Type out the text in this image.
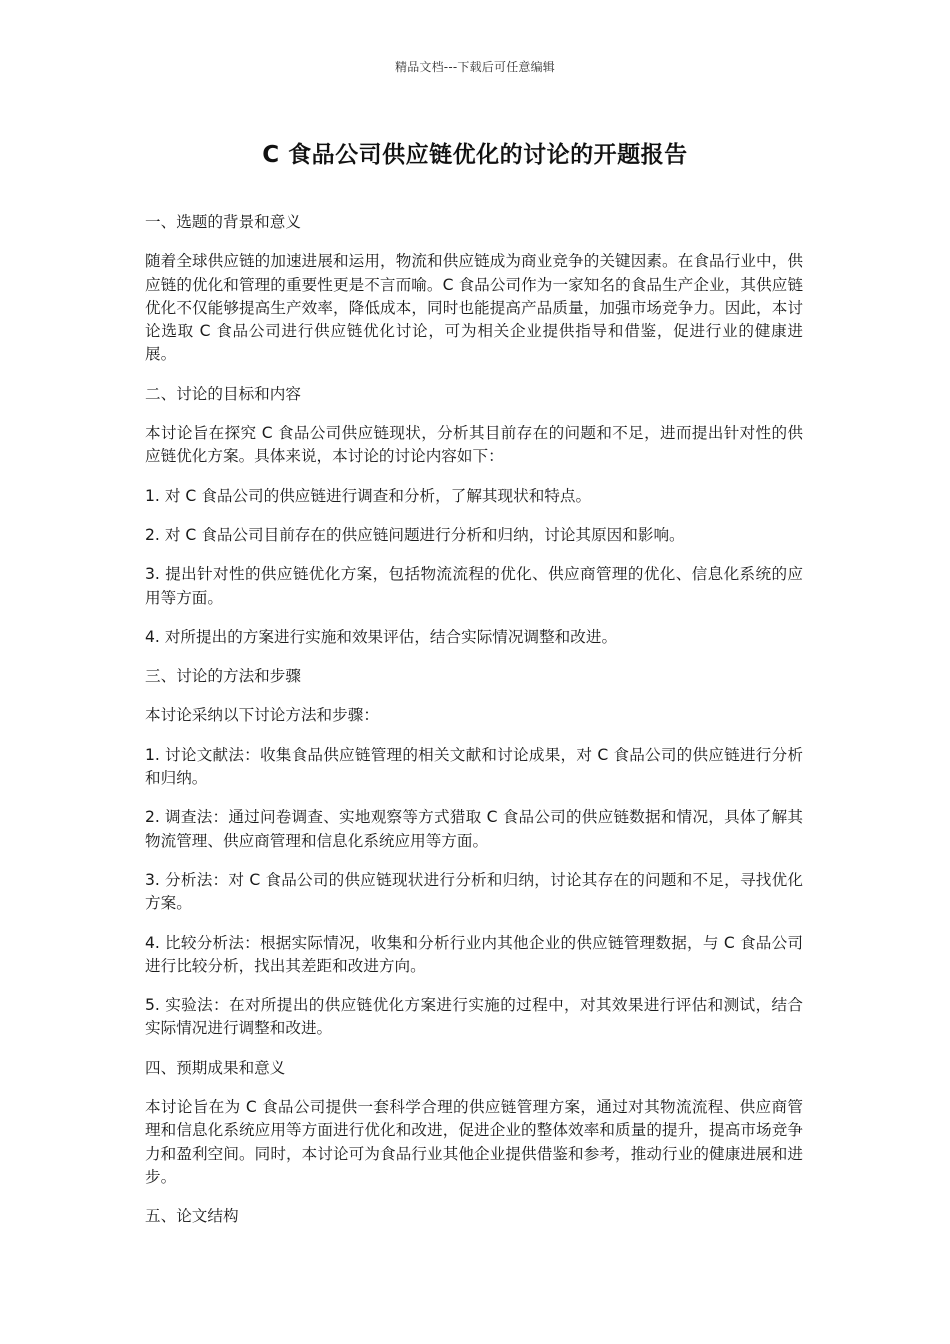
精品文档---下载后可任意编辑
C 食品公司供应链优化的讨论的开题报告

一、选题的背景和意义

随着全球供应链的加速进展和运用，物流和供应链成为商业竞争的关键因素。在食品行业中，供应链的优化和管理的重要性更是不言而喻。C 食品公司作为一家知名的食品生产企业，其供应链优化不仅能够提高生产效率，降低成本，同时也能提高产品质量，加强市场竞争力。因此，本讨论选取 C 食品公司进行供应链优化讨论，可为相关企业提供指导和借鉴，促进行业的健康进展。

二、讨论的目标和内容

本讨论旨在探究 C 食品公司供应链现状，分析其目前存在的问题和不足，进而提出针对性的供应链优化方案。具体来说，本讨论的讨论内容如下：

1. 对 C 食品公司的供应链进行调查和分析，了解其现状和特点。

2. 对 C 食品公司目前存在的供应链问题进行分析和归纳，讨论其原因和影响。

3. 提出针对性的供应链优化方案，包括物流流程的优化、供应商管理的优化、信息化系统的应用等方面。

4. 对所提出的方案进行实施和效果评估，结合实际情况调整和改进。

三、讨论的方法和步骤

本讨论采纳以下讨论方法和步骤：

1. 讨论文献法：收集食品供应链管理的相关文献和讨论成果，对 C 食品公司的供应链进行分析和归纳。

2. 调查法：通过问卷调查、实地观察等方式猎取 C 食品公司的供应链数据和情况，具体了解其物流管理、供应商管理和信息化系统应用等方面。

3. 分析法：对 C 食品公司的供应链现状进行分析和归纳，讨论其存在的问题和不足，寻找优化方案。

4. 比较分析法：根据实际情况，收集和分析行业内其他企业的供应链管理数据，与 C 食品公司进行比较分析，找出其差距和改进方向。

5. 实验法：在对所提出的供应链优化方案进行实施的过程中，对其效果进行评估和测试，结合实际情况进行调整和改进。

四、预期成果和意义

本讨论旨在为 C 食品公司提供一套科学合理的供应链管理方案，通过对其物流流程、供应商管理和信息化系统应用等方面进行优化和改进，促进企业的整体效率和质量的提升，提高市场竞争力和盈利空间。同时，本讨论可为食品行业其他企业提供借鉴和参考，推动行业的健康进展和进步。

五、论文结构
